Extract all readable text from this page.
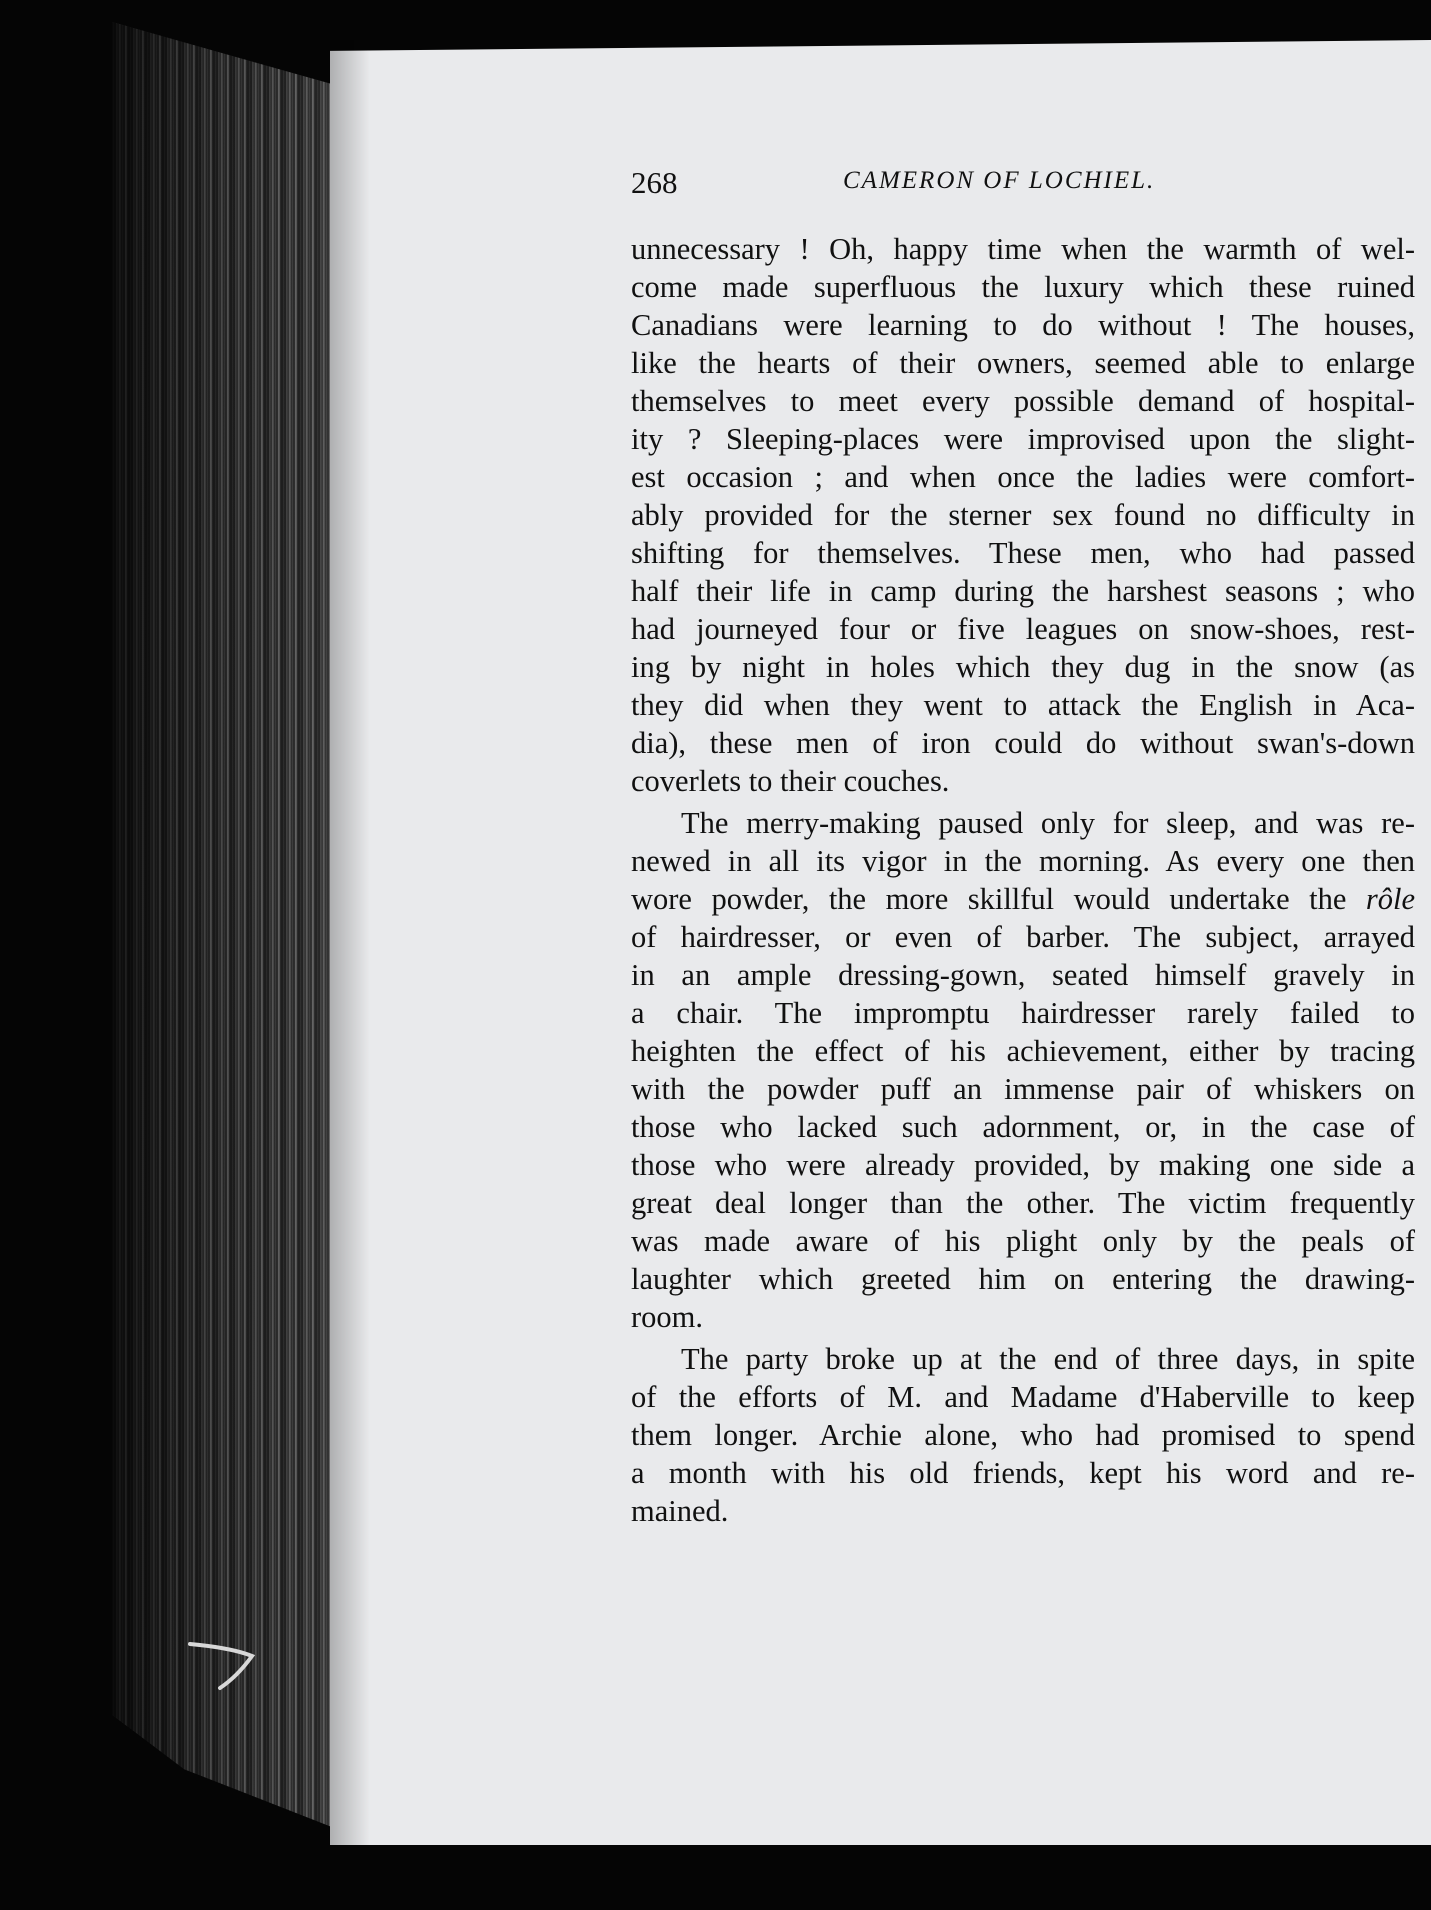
268	CAMERON OF LOCHIEL.
unnecessary ! Oh, happy time when the warmth of wel-
come made superfluous the luxury which these ruined
Canadians were learning to do without ! The houses,
like the hearts of their owners, seemed able to enlarge
themselves to meet every possible demand of hospital-
ity ? Sleeping-places were improvised upon the slight-
est occasion ; and when once the ladies were comfort-
ably provided for the sterner sex found no difficulty in
shifting for themselves. These men, who had passed
half their life in camp during the harshest seasons ; who
had journeyed four or five leagues on snow-shoes, rest-
ing by night in holes which they dug in the snow (as
they did when they went to attack the English in Aca-
dia), these men of iron could do without swan's-down
coverlets to their couches.
The merry-making paused only for sleep, and was re-
newed in all its vigor in the morning. As every one then
wore powder, the more skillful would undertake the rôle
of hairdresser, or even of barber. The subject, arrayed
in an ample dressing-gown, seated himself gravely in
a chair. The impromptu hairdresser rarely failed to
heighten the effect of his achievement, either by tracing
with the powder puff an immense pair of whiskers on
those who lacked such adornment, or, in the case of
those who were already provided, by making one side a
great deal longer than the other. The victim frequently
was made aware of his plight only by the peals of
laughter which greeted him on entering the drawing-
room.
The party broke up at the end of three days, in spite
of the efforts of M. and Madame d'Haberville to keep
them longer. Archie alone, who had promised to spend
a month with his old friends, kept his word and re-
mained.
